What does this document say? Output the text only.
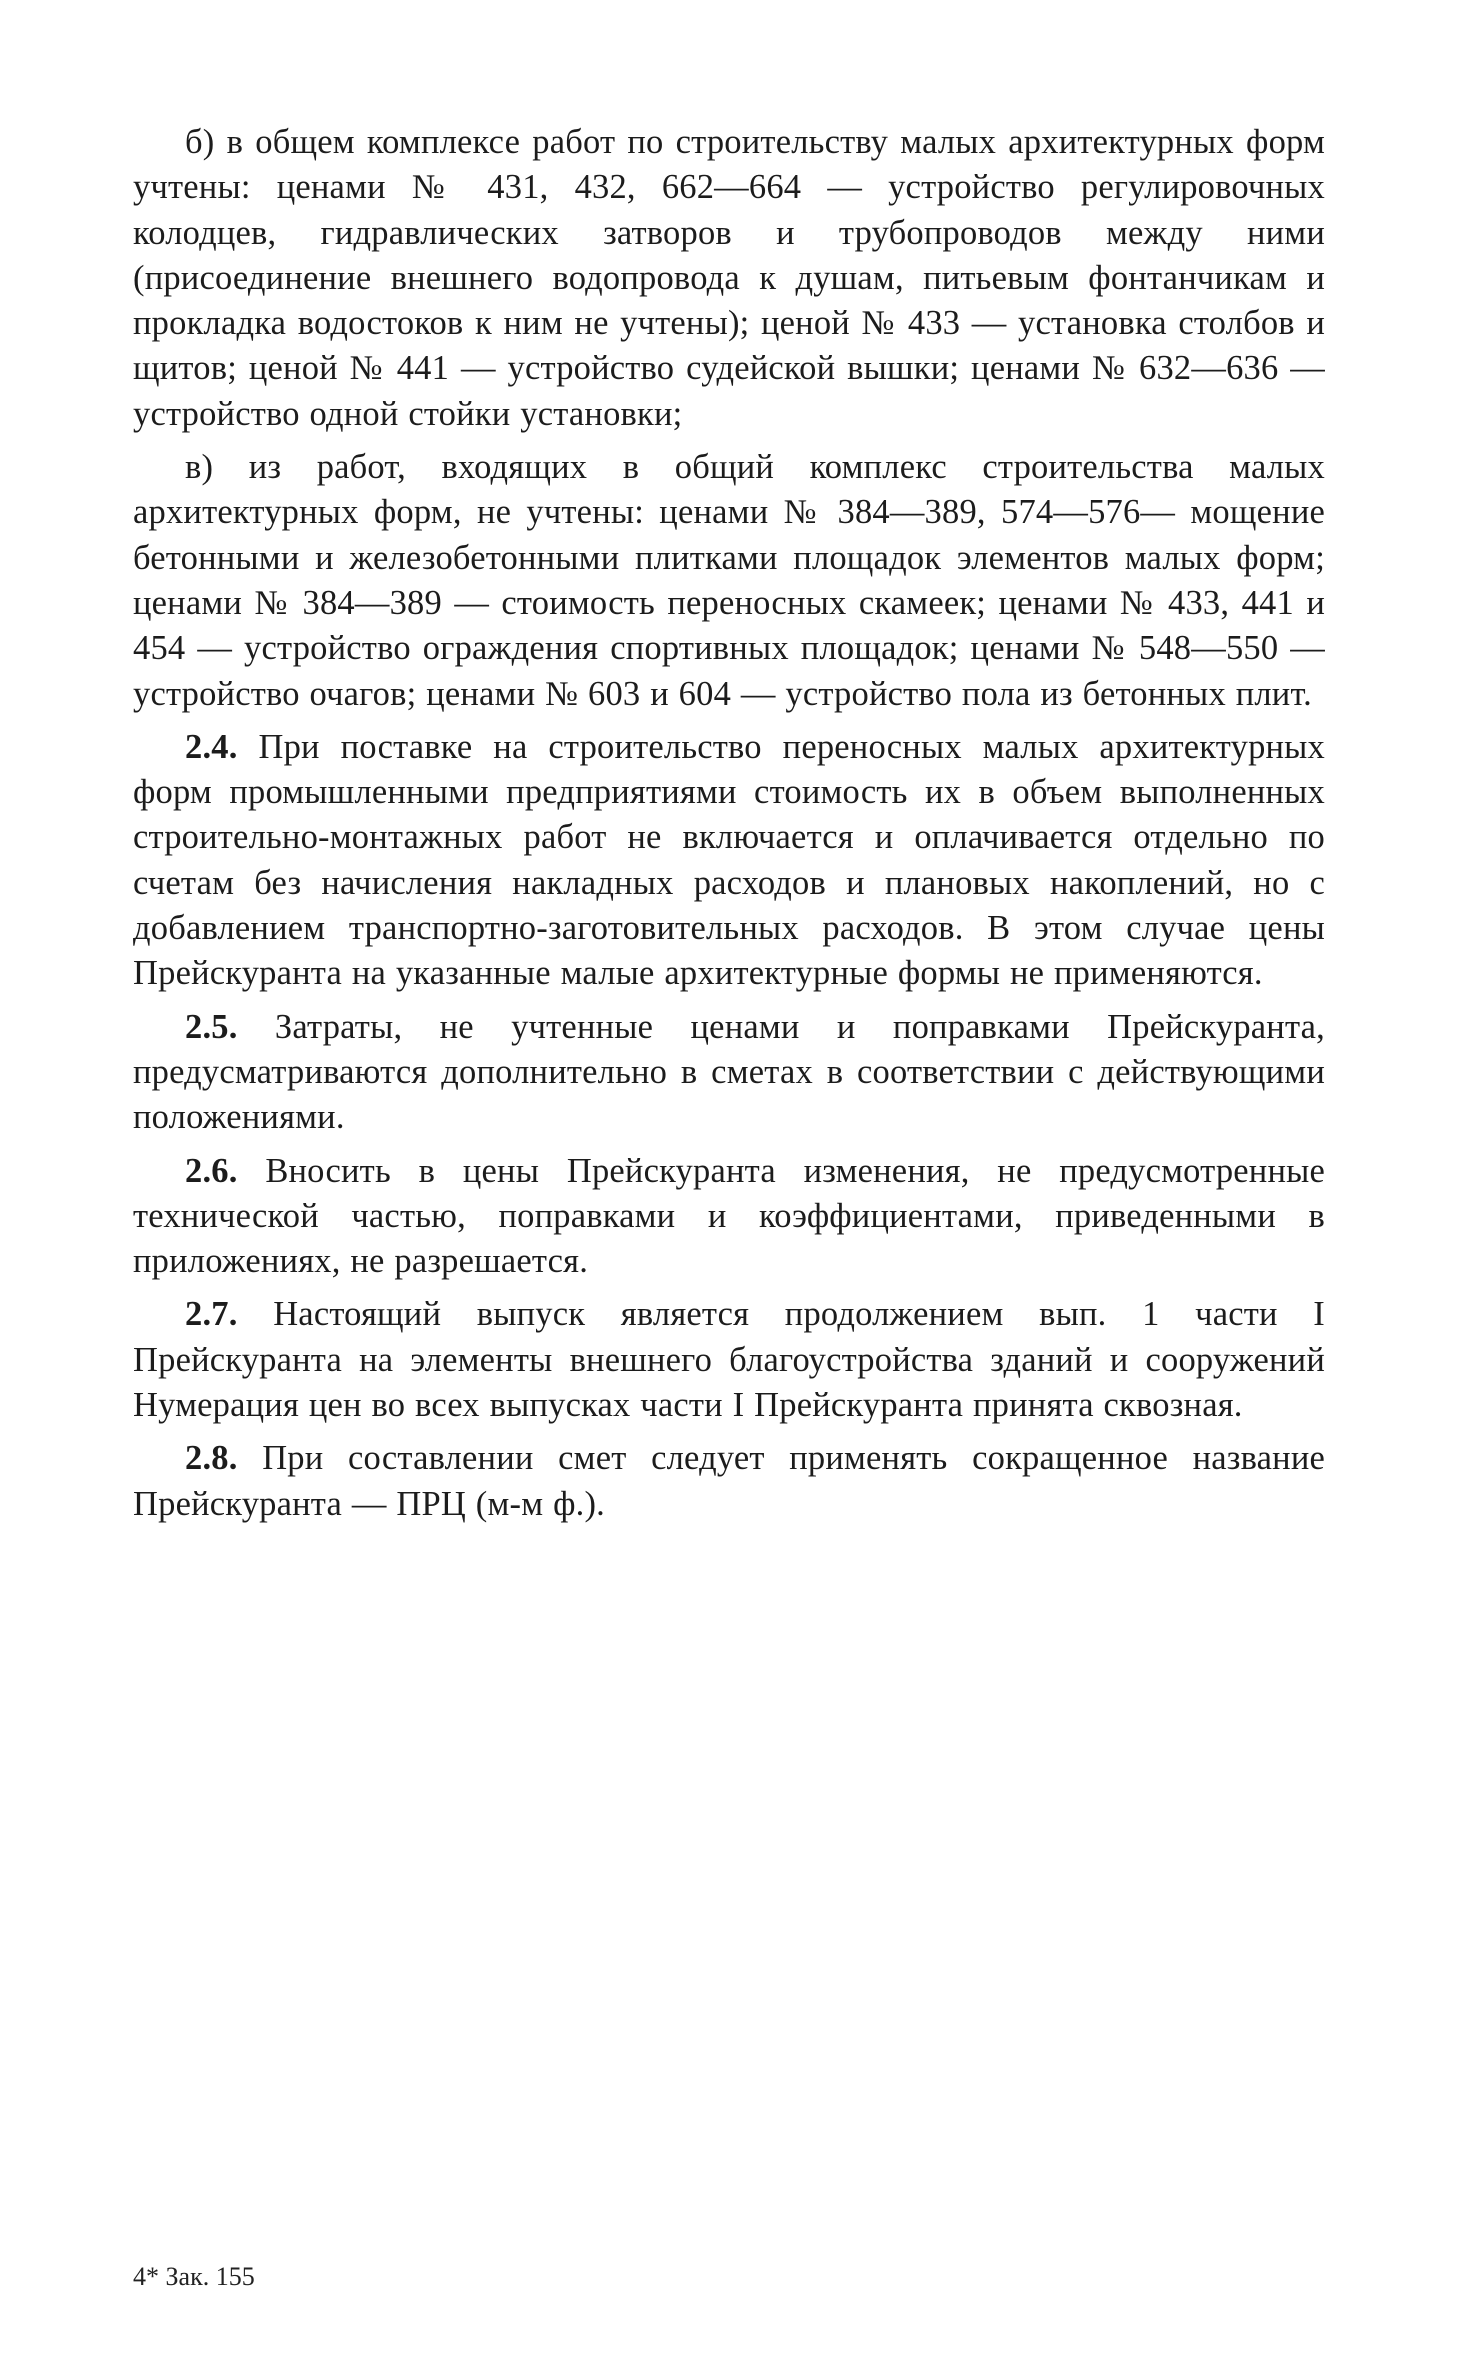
б) в общем комплексе работ по строительству малых архитектурных форм учтены: ценами № 431, 432, 662—664 — устройство регулировочных колодцев, гидравлических затворов и трубопроводов между ними (присоединение внешнего водопровода к душам, питьевым фонтанчикам и прокладка водостоков к ним не учтены); ценой № 433 — установка столбов и щитов; ценой № 441 — устройство судейской вышки; ценами № 632—636 — устройство одной стойки установки;

в) из работ, входящих в общий комплекс строительства малых архитектурных форм, не учтены: ценами № 384—389, 574—576— мощение бетонными и железобетонными плитками площадок элементов малых форм; ценами № 384—389 — стоимость переносных скамеек; ценами № 433, 441 и 454 — устройство ограждения спортивных площадок; ценами № 548—550 — устройство очагов; ценами № 603 и 604 — устройство пола из бетонных плит.

2.4. При поставке на строительство переносных малых архитектурных форм промышленными предприятиями стоимость их в объем выполненных строительно-монтажных работ не включается и оплачивается отдельно по счетам без начисления накладных расходов и плановых накоплений, но с добавлением транспортно-заготовительных расходов. В этом случае цены Прейскуранта на указанные малые архитектурные формы не применяются.

2.5. Затраты, не учтенные ценами и поправками Прейскуранта, предусматриваются дополнительно в сметах в соответствии с действующими положениями.

2.6. Вносить в цены Прейскуранта изменения, не предусмотренные технической частью, поправками и коэффициентами, приведенными в приложениях, не разрешается.

2.7. Настоящий выпуск является продолжением вып. 1 части I Прейскуранта на элементы внешнего благоустройства зданий и сооружений Нумерация цен во всех выпусках части I Прейскуранта принята сквозная.

2.8. При составлении смет следует применять сокращенное название Прейскуранта — ПРЦ (м-м ф.).

4* Зак. 155
